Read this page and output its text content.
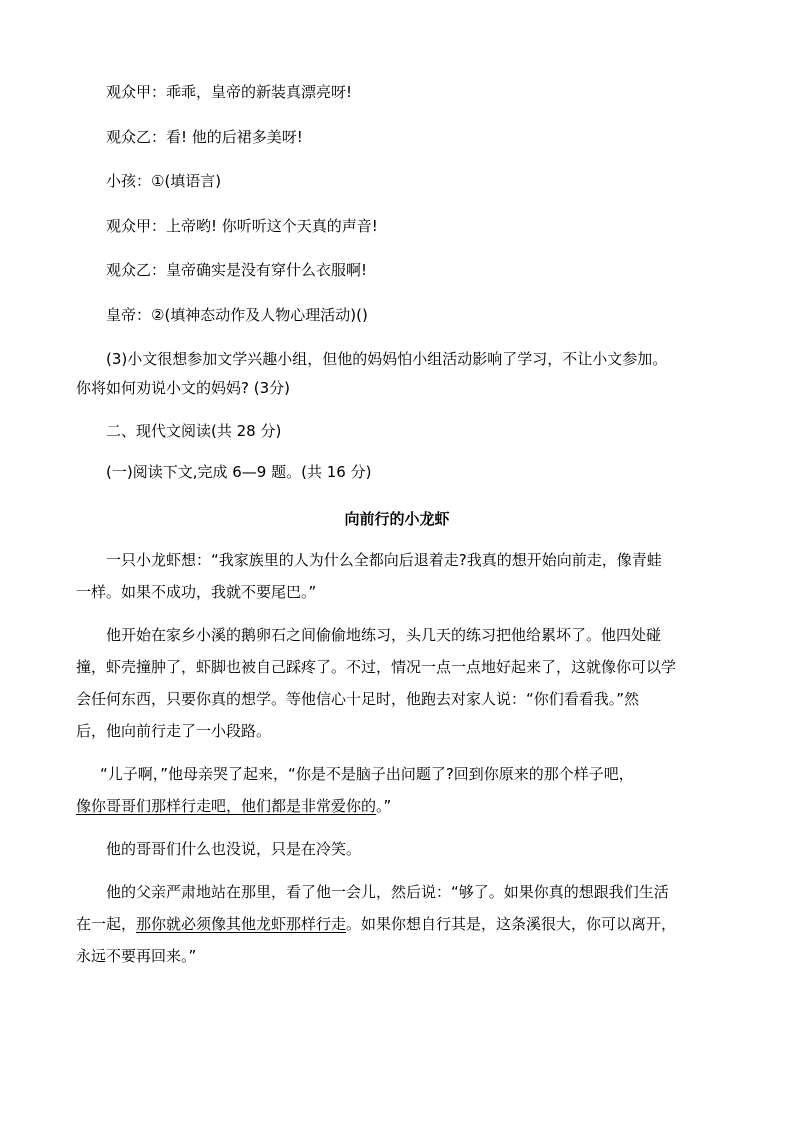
观众甲：乖乖，皇帝的新装真漂亮呀!
观众乙：看! 他的后裙多美呀!
小孩：①(填语言)
观众甲：上帝哟! 你听听这个天真的声音!
观众乙：皇帝确实是没有穿什么衣服啊!
皇帝：②(填神态动作及人物心理活动)()
(3)小文很想参加文学兴趣小组，但他的妈妈怕小组活动影响了学习，不让小文参加。
你将如何劝说小文的妈妈? (3分)
二、现代文阅读(共 28 分)
(一)阅读下文,完成 6—9 题。(共 16 分)
向前行的小龙虾
一只小龙虾想：“我家族里的人为什么全都向后退着走?我真的想开始向前走，像青蛙
一样。如果不成功，我就不要尾巴。”
他开始在家乡小溪的鹅卵石之间偷偷地练习，头几天的练习把他给累坏了。他四处碰
撞，虾壳撞肿了，虾脚也被自己踩疼了。不过，情况一点一点地好起来了，这就像你可以学
会任何东西，只要你真的想学。等他信心十足时，他跑去对家人说：“你们看看我。”然
后，他向前行走了一小段路。
“儿子啊，”他母亲哭了起来，“你是不是脑子出问题了?回到你原来的那个样子吧，
像你哥哥们那样行走吧，他们都是非常爱你的。”
他的哥哥们什么也没说，只是在冷笑。
他的父亲严肃地站在那里，看了他一会儿，然后说：“够了。如果你真的想跟我们生活
在一起，那你就必须像其他龙虾那样行走。如果你想自行其是，这条溪很大，你可以离开，
永远不要再回来。”
